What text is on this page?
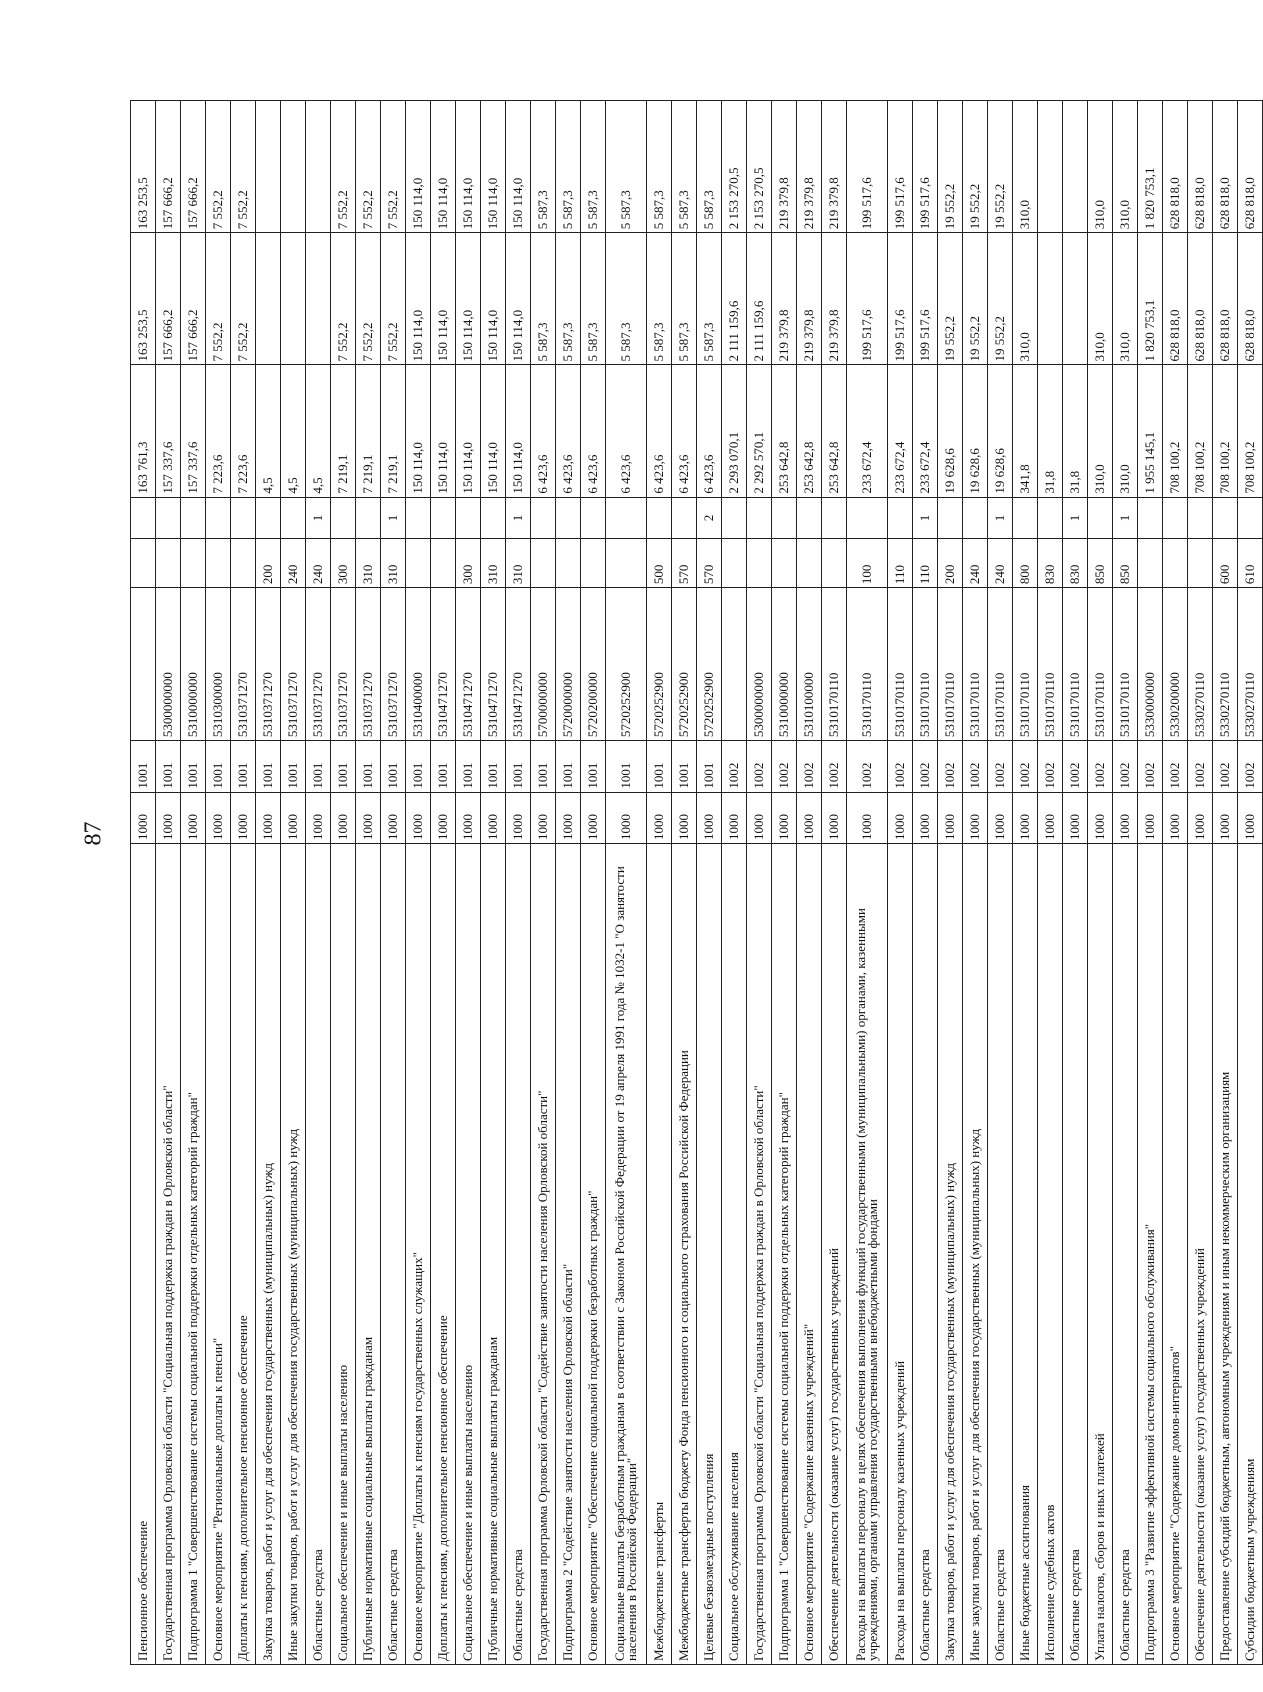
87
Пенсионное обеспечение	1000	1001				163 761,3	163 253,5	163 253,5
Государственная программа Орловской области "Социальная поддержка граждан в Орловской области"	1000	1001	5300000000			157 337,6	157 666,2	157 666,2
Подпрограмма 1 "Совершенствование системы социальной поддержки отдельных категорий граждан"	1000	1001	5310000000			157 337,6	157 666,2	157 666,2
Основное мероприятие "Региональные доплаты к пенсии"	1000	1001	5310300000			7 223,6	7 552,2	7 552,2
Доплаты к пенсиям, дополнительное пенсионное обеспечение	1000	1001	5310371270			7 223,6	7 552,2	7 552,2
Закупка товаров, работ и услуг для обеспечения государственных (муниципальных) нужд	1000	1001	5310371270	200		4,5		
Иные закупки товаров, работ и услуг для обеспечения государственных (муниципальных) нужд	1000	1001	5310371270	240		4,5		
Областные средства	1000	1001	5310371270	240	1	4,5		
Социальное обеспечение и иные выплаты населению	1000	1001	5310371270	300		7 219,1	7 552,2	7 552,2
Публичные нормативные социальные выплаты гражданам	1000	1001	5310371270	310		7 219,1	7 552,2	7 552,2
Областные средства	1000	1001	5310371270	310	1	7 219,1	7 552,2	7 552,2
Основное мероприятие "Доплаты к пенсиям государственных служащих"	1000	1001	5310400000			150 114,0	150 114,0	150 114,0
Доплаты к пенсиям, дополнительное пенсионное обеспечение	1000	1001	5310471270			150 114,0	150 114,0	150 114,0
Социальное обеспечение и иные выплаты населению	1000	1001	5310471270	300		150 114,0	150 114,0	150 114,0
Публичные нормативные социальные выплаты гражданам	1000	1001	5310471270	310		150 114,0	150 114,0	150 114,0
Областные средства	1000	1001	5310471270	310	1	150 114,0	150 114,0	150 114,0
Государственная программа Орловской области "Содействие занятости населения Орловской области"	1000	1001	5700000000			6 423,6	5 587,3	5 587,3
Подпрограмма 2 "Содействие занятости населения Орловской области"	1000	1001	5720000000			6 423,6	5 587,3	5 587,3
Основное мероприятие "Обеспечение социальной поддержки безработных граждан"	1000	1001	5720200000			6 423,6	5 587,3	5 587,3
Социальные выплаты безработным гражданам в соответствии с Законом Российской Федерации от 19 апреля 1991 года № 1032-1 "О занятости населения в Российской Федерации"	1000	1001	5720252900			6 423,6	5 587,3	5 587,3
Межбюджетные трансферты	1000	1001	5720252900	500		6 423,6	5 587,3	5 587,3
Межбюджетные трансферты бюджету Фонда пенсионного и социального страхования Российской Федерации	1000	1001	5720252900	570		6 423,6	5 587,3	5 587,3
Целевые безвозмездные поступления	1000	1001	5720252900	570	2	6 423,6	5 587,3	5 587,3
Социальное обслуживание населения	1000	1002				2 293 070,1	2 111 159,6	2 153 270,5
Государственная программа Орловской области "Социальная поддержка граждан в Орловской области"	1000	1002	5300000000			2 292 570,1	2 111 159,6	2 153 270,5
Подпрограмма 1 "Совершенствование системы социальной поддержки отдельных категорий граждан"	1000	1002	5310000000			253 642,8	219 379,8	219 379,8
Основное мероприятие "Содержание казенных учреждений"	1000	1002	5310100000			253 642,8	219 379,8	219 379,8
Обеспечение деятельности (оказание услуг) государственных учреждений	1000	1002	5310170110			253 642,8	219 379,8	219 379,8
Расходы на выплаты персоналу в целях обеспечения выполнения функций государственными (муниципальными) органами, казенными учреждениями, органами управления государственными внебюджетными фондами	1000	1002	5310170110	100		233 672,4	199 517,6	199 517,6
Расходы на выплаты персоналу казенных учреждений	1000	1002	5310170110	110		233 672,4	199 517,6	199 517,6
Областные средства	1000	1002	5310170110	110	1	233 672,4	199 517,6	199 517,6
Закупка товаров, работ и услуг для обеспечения государственных (муниципальных) нужд	1000	1002	5310170110	200		19 628,6	19 552,2	19 552,2
Иные закупки товаров, работ и услуг для обеспечения государственных (муниципальных) нужд	1000	1002	5310170110	240		19 628,6	19 552,2	19 552,2
Областные средства	1000	1002	5310170110	240	1	19 628,6	19 552,2	19 552,2
Иные бюджетные ассигнования	1000	1002	5310170110	800		341,8	310,0	310,0
Исполнение судебных актов	1000	1002	5310170110	830		31,8		
Областные средства	1000	1002	5310170110	830	1	31,8		
Уплата налогов, сборов и иных платежей	1000	1002	5310170110	850		310,0	310,0	310,0
Областные средства	1000	1002	5310170110	850	1	310,0	310,0	310,0
Подпрограмма 3 "Развитие эффективной системы социального обслуживания"	1000	1002	5330000000			1 955 145,1	1 820 753,1	1 820 753,1
Основное мероприятие "Содержание домов-интернатов"	1000	1002	5330200000			708 100,2	628 818,0	628 818,0
Обеспечение деятельности (оказание услуг) государственных учреждений	1000	1002	5330270110			708 100,2	628 818,0	628 818,0
Предоставление субсидий бюджетным, автономным учреждениям и иным некоммерческим организациям	1000	1002	5330270110	600		708 100,2	628 818,0	628 818,0
Субсидии бюджетным учреждениям	1000	1002	5330270110	610		708 100,2	628 818,0	628 818,0
